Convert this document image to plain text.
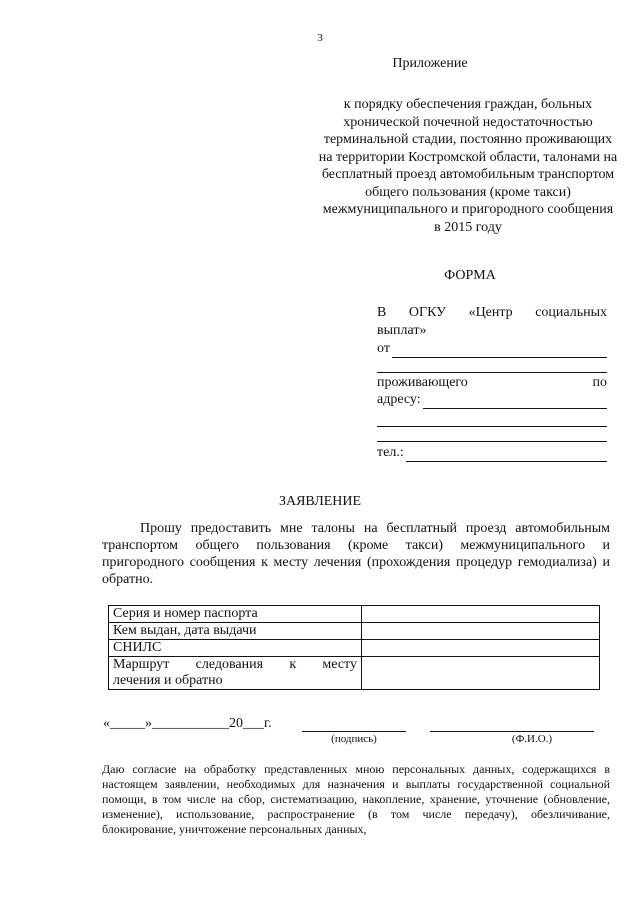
3
Приложение
к порядку обеспечения граждан, больных хронической почечной недостаточностью терминальной стадии, постоянно проживающих на территории Костромской области, талонами на бесплатный проезд автомобильным транспортом общего пользования (кроме такси) межмуниципального и пригородного сообщения в 2015 году
ФОРМА
В ОГКУ «Центр социальных
выплат»
от
проживающего	по
адресу:
тел.:
ЗАЯВЛЕНИЕ
Прошу предоставить мне талоны на бесплатный проезд автомобильным транспортом общего пользования (кроме такси) межмуниципального и пригородного сообщения к месту лечения (прохождения процедур гемодиализа) и обратно.
Серия и номер паспорта	
Кем выдан, дата выдачи	
СНИЛС	

Маршрут следования к месту
лечения и обратно	

«_____»___________20___г.
(подпись)	(Ф.И.О.)
Даю согласие на обработку представленных мною персональных данных, содержащихся в настоящем заявлении, необходимых для назначения и выплаты государственной социальной помощи, в том числе на сбор, систематизацию, накопление, хранение, уточнение (обновление, изменение), использование, распространение (в том числе передачу), обезличивание, блокирование, уничтожение персональных данных,
